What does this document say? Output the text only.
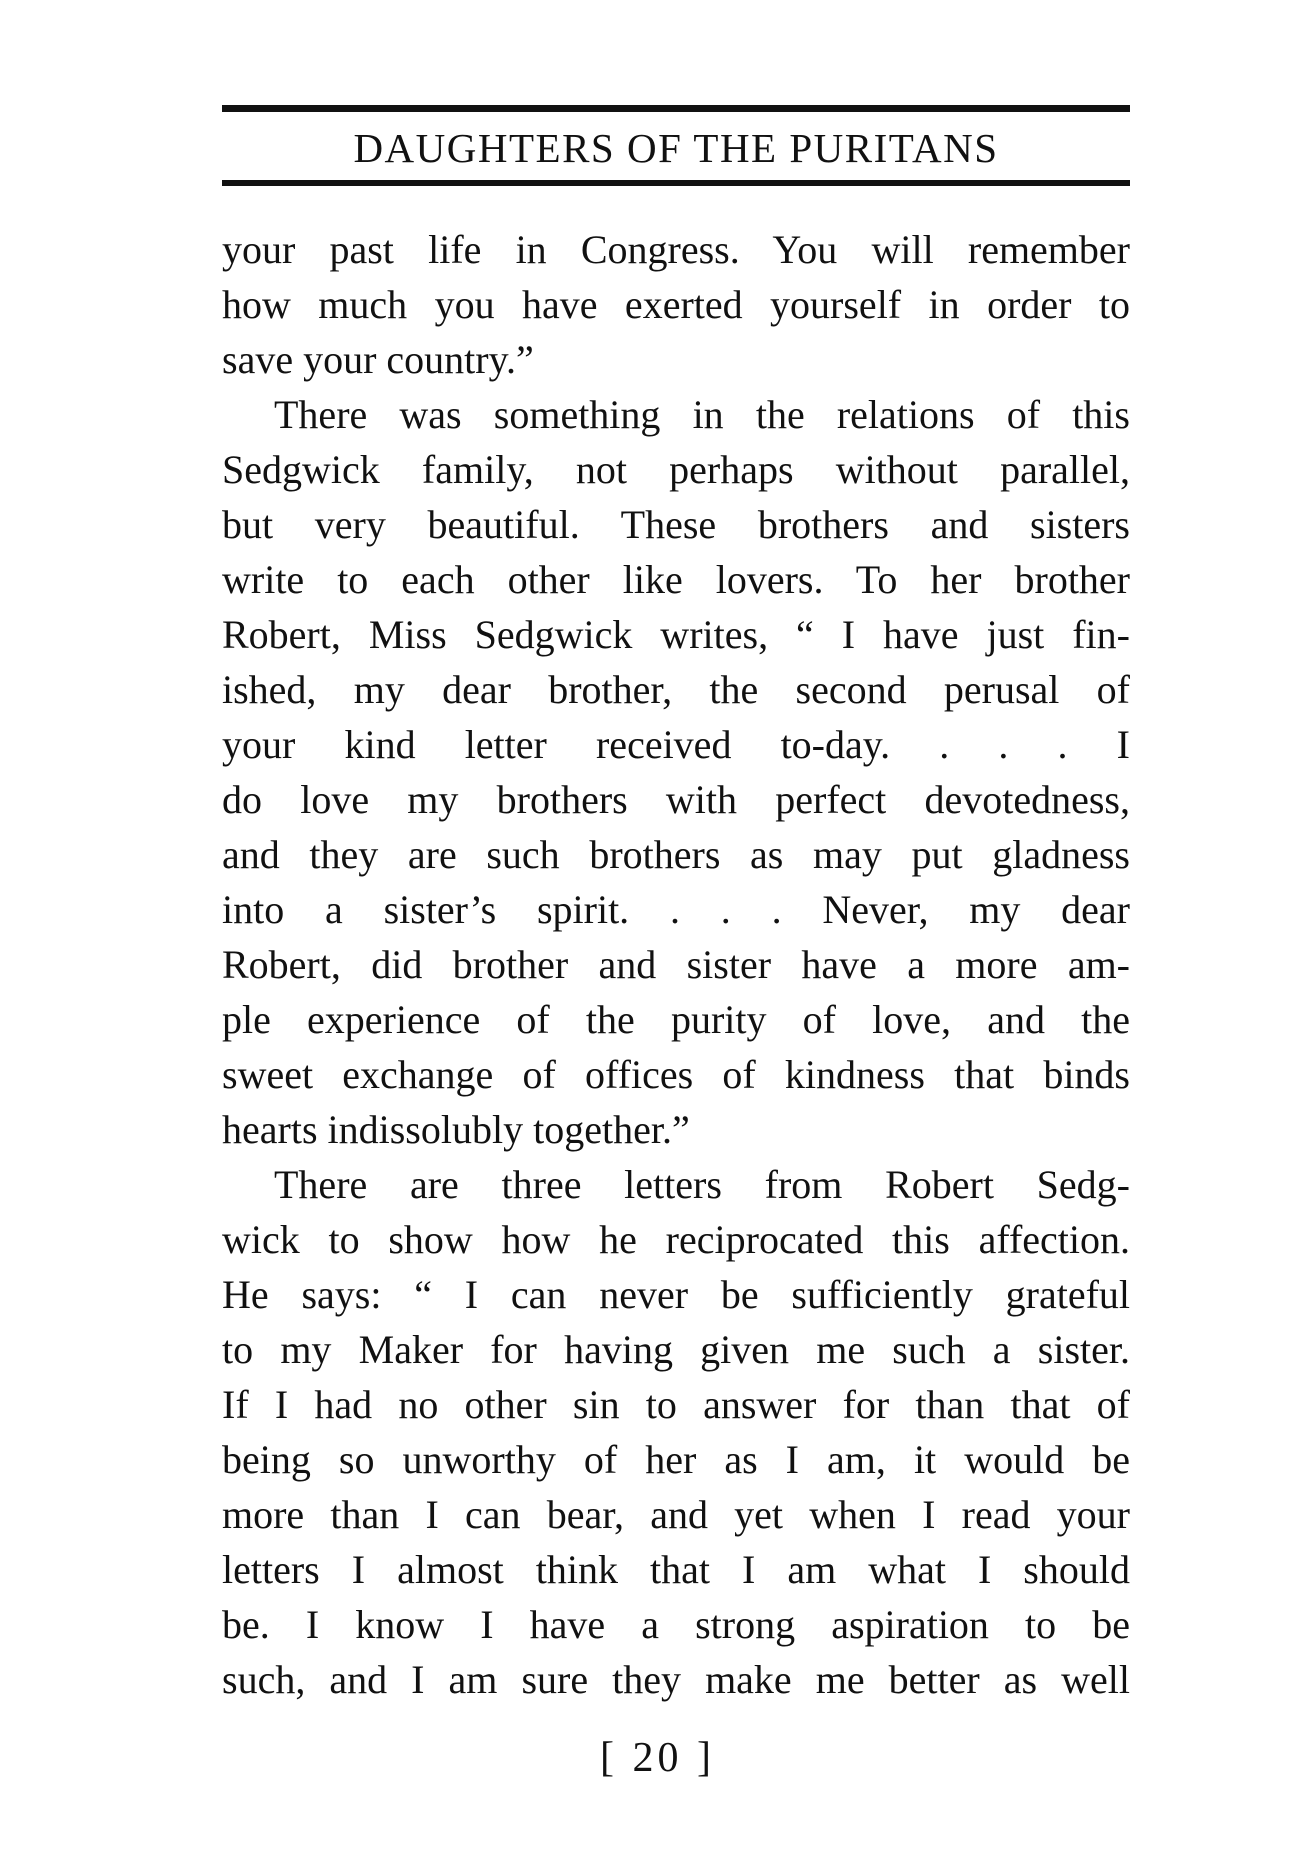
DAUGHTERS OF THE PURITANS
your past life in Congress. You will remember
how much you have exerted yourself in order to
save your country.”
There was something in the relations of this
Sedgwick family, not perhaps without parallel,
but very beautiful. These brothers and sisters
write to each other like lovers. To her brother
Robert, Miss Sedgwick writes, “ I have just fin-
ished, my dear brother, the second perusal of
your kind letter received to-day. . . . I
do love my brothers with perfect devotedness,
and they are such brothers as may put gladness
into a sister’s spirit. . . . Never, my dear
Robert, did brother and sister have a more am-
ple experience of the purity of love, and the
sweet exchange of offices of kindness that binds
hearts indissolubly together.”
There are three letters from Robert Sedg-
wick to show how he reciprocated this affection.
He says: “ I can never be sufficiently grateful
to my Maker for having given me such a sister.
If I had no other sin to answer for than that of
being so unworthy of her as I am, it would be
more than I can bear, and yet when I read your
letters I almost think that I am what I should
be. I know I have a strong aspiration to be
such, and I am sure they make me better as well
[ 20 ]
